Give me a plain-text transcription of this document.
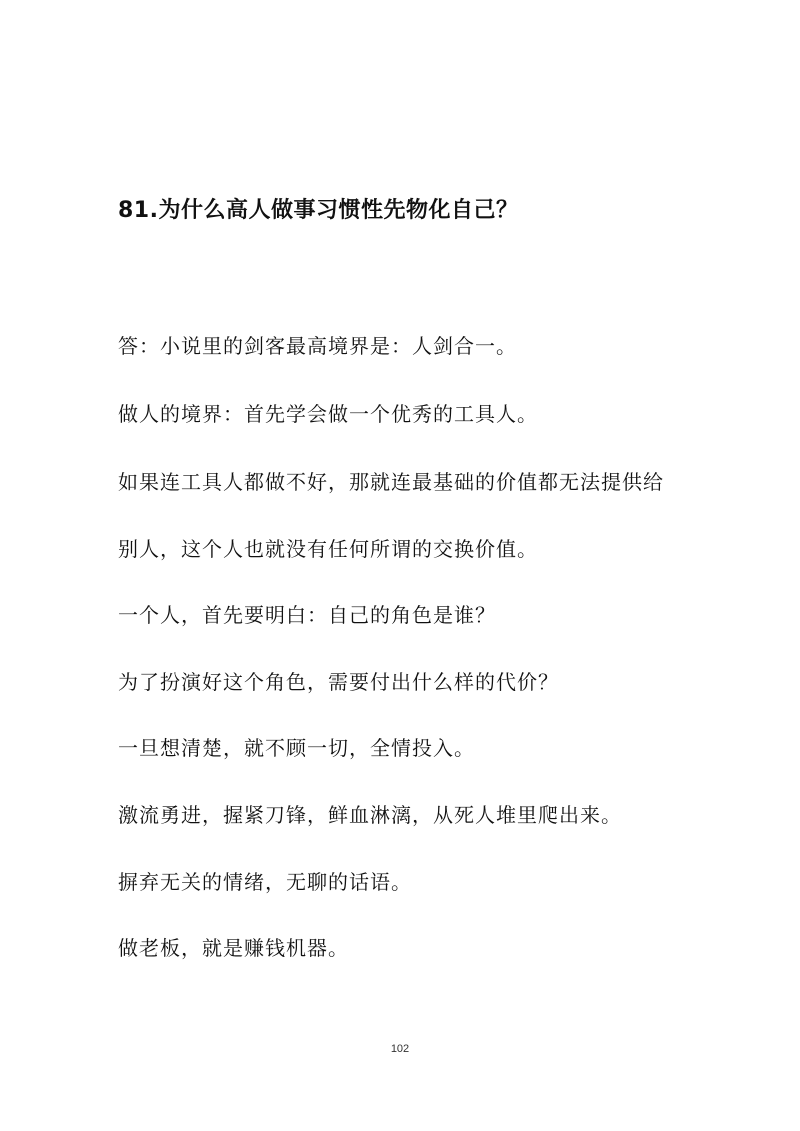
81.为什么高人做事习惯性先物化自己？
答：小说里的剑客最高境界是：人剑合一。
做人的境界：首先学会做一个优秀的工具人。
如果连工具人都做不好，那就连最基础的价值都无法提供给
别人，这个人也就没有任何所谓的交换价值。
一个人，首先要明白：自己的角色是谁？
为了扮演好这个角色，需要付出什么样的代价？
一旦想清楚，就不顾一切，全情投入。
激流勇进，握紧刀锋，鲜血淋漓，从死人堆里爬出来。
摒弃无关的情绪，无聊的话语。
做老板，就是赚钱机器。
102
